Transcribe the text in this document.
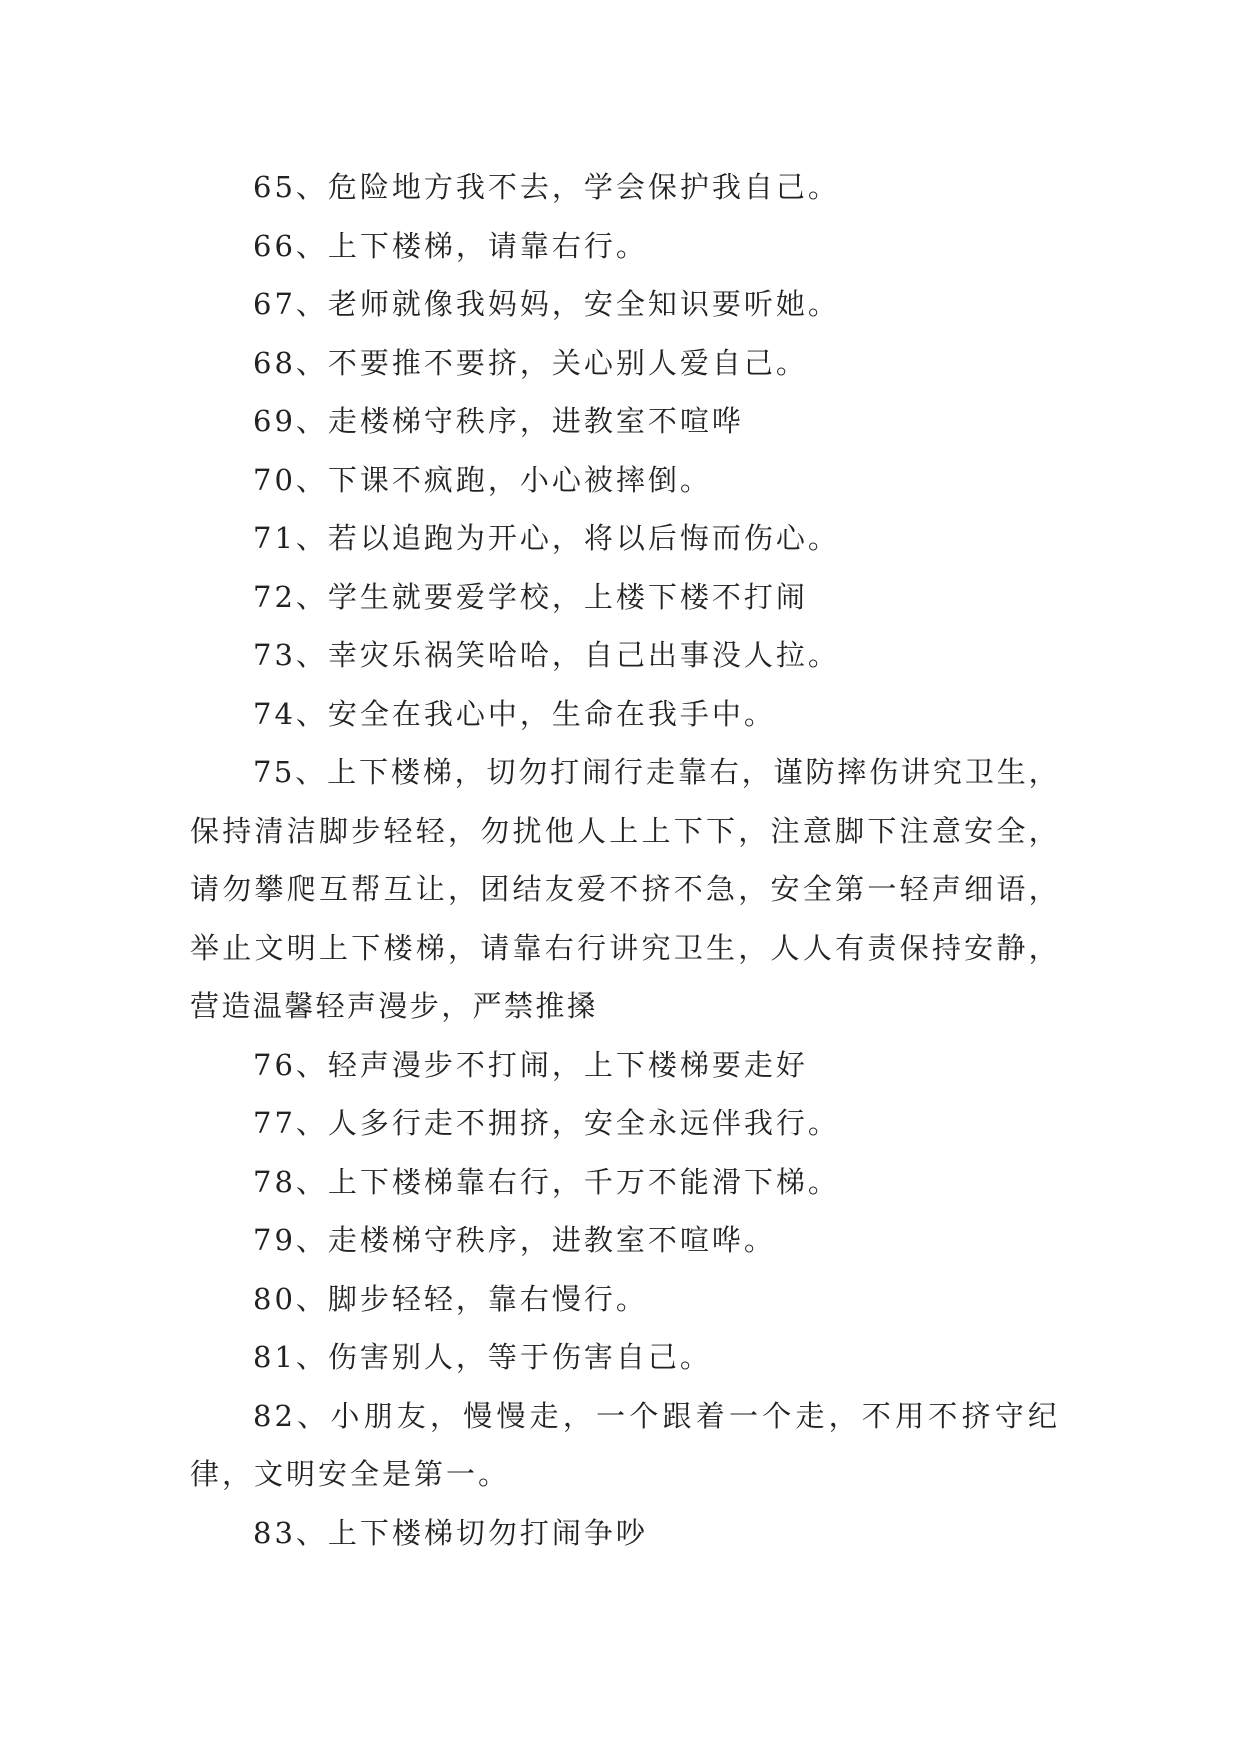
65、危险地方我不去，学会保护我自己。

66、上下楼梯，请靠右行。

67、老师就像我妈妈，安全知识要听她。

68、不要推不要挤，关心别人爱自己。

69、走楼梯守秩序，进教室不喧哗

70、下课不疯跑，小心被摔倒。

71、若以追跑为开心，将以后悔而伤心。

72、学生就要爱学校，上楼下楼不打闹

73、幸灾乐祸笑哈哈，自己出事没人拉。

74、安全在我心中，生命在我手中。

75、上下楼梯，切勿打闹行走靠右，谨防摔伤讲究卫生，保持清洁脚步轻轻，勿扰他人上上下下，注意脚下注意安全，请勿攀爬互帮互让，团结友爱不挤不急，安全第一轻声细语，举止文明上下楼梯，请靠右行讲究卫生，人人有责保持安静，营造温馨轻声漫步，严禁推搡

76、轻声漫步不打闹，上下楼梯要走好

77、人多行走不拥挤，安全永远伴我行。

78、上下楼梯靠右行，千万不能滑下梯。

79、走楼梯守秩序，进教室不喧哗。

80、脚步轻轻，靠右慢行。

81、伤害别人，等于伤害自己。

82、小朋友，慢慢走，一个跟着一个走，不用不挤守纪律，文明安全是第一。

83、上下楼梯切勿打闹争吵
